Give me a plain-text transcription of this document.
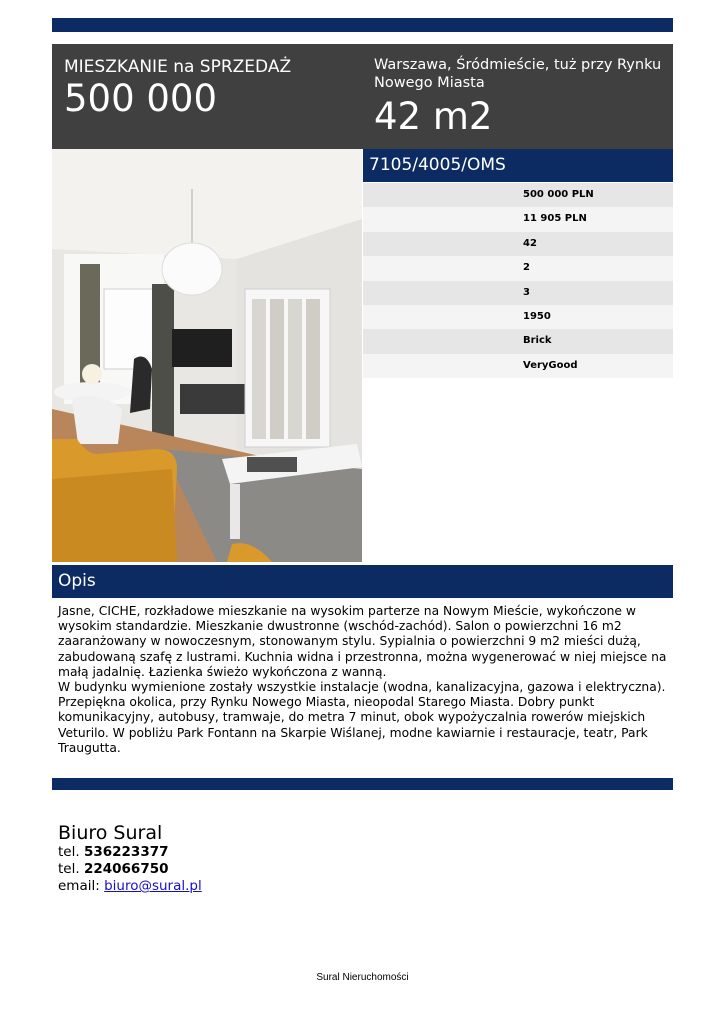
MIESZKANIE na SPRZEDAŻ
500 000
Warszawa, Śródmieście, tuż przy Rynku Nowego Miasta
42 m2
7105/4005/OMS
500 000 PLN
11 905 PLN
42
2
3
1950
Brick
VeryGood
Opis

Jasne, CICHE, rozkładowe mieszkanie na wysokim parterze na Nowym Mieście, wykończone w wysokim standardzie. Mieszkanie dwustronne (wschód-zachód). Salon o powierzchni 16 m2 zaaranżowany w nowoczesnym, stonowanym stylu. Sypialnia o powierzchni 9 m2 mieści dużą, zabudowaną szafę z lustrami. Kuchnia widna i przestronna, można wygenerować w niej miejsce na małą jadalnię. Łazienka świeżo wykończona z wanną.

W budynku wymienione zostały wszystkie instalacje (wodna, kanalizacyjna, gazowa i elektryczna). Przepiękna okolica, przy Rynku Nowego Miasta, nieopodal Starego Miasta. Dobry punkt komunikacyjny, autobusy, tramwaje, do metra 7 minut, obok wypożyczalnia rowerów miejskich Veturilo. W pobliżu Park Fontann na Skarpie Wiślanej, modne kawiarnie i restauracje, teatr, Park Traugutta.

Biuro Sural
tel. 536223377
tel. 224066750
email: biuro@sural.pl
Sural Nieruchomości
